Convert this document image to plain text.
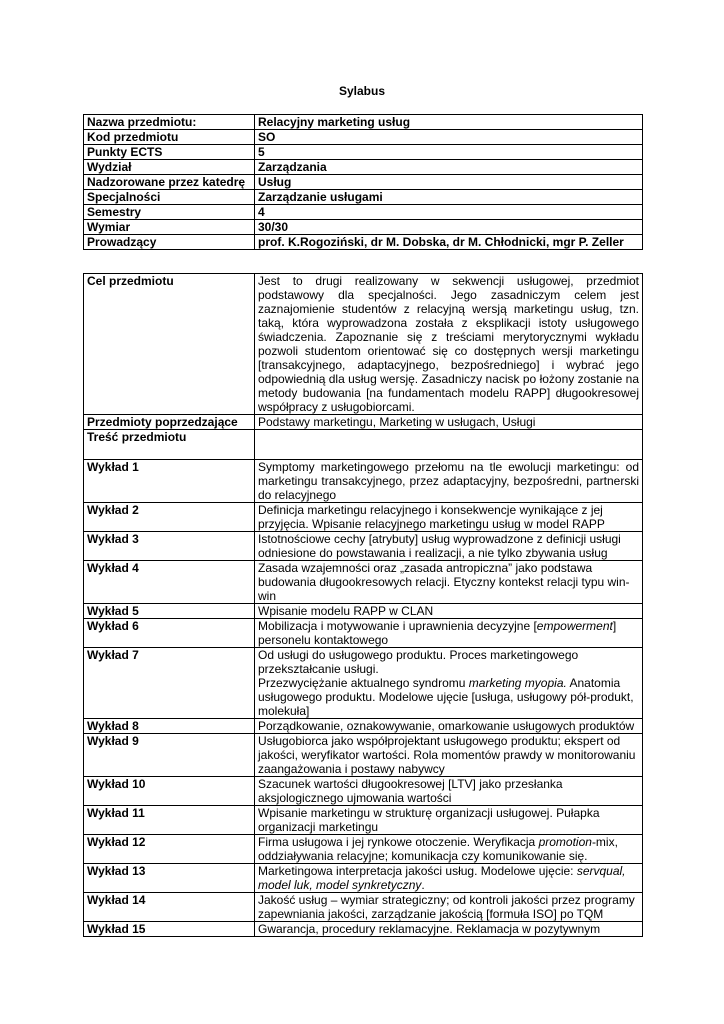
Sylabus
Nazwa przedmiotu:	Relacyjny marketing usług
Kod przedmiotu	SO
Punkty ECTS	5
Wydział	Zarządzania
Nadzorowane przez katedrę	Usług
Specjalności	Zarządzanie usługami
Semestry	4
Wymiar	30/30
Prowadzący	prof. K.Rogoziński, dr M. Dobska, dr M. Chłodnicki, mgr P. Zeller
Cel przedmiotu	Jest to drugi realizowany w sekwencji usługowej, przedmiot podstawowy dla specjalności. Jego zasadniczym celem jest zaznajomienie studentów z relacyjną wersją marketingu usług, tzn. taką, która wyprowadzona została z eksplikacji istoty usługowego świadczenia. Zapoznanie się z treściami merytorycznymi wykładu pozwoli studentom orientować się co dostępnych wersji marketingu [transakcyjnego, adaptacyjnego, bezpośredniego] i wybrać jego odpowiednią dla usług wersję. Zasadniczy nacisk po łożony zostanie na metody budowania [na fundamentach modelu RAPP] długookresowej współpracy z usługobiorcami.
Przedmioty poprzedzające	Podstawy marketingu, Marketing w usługach, Usługi
Treść przedmiotu	
Wykład 1	Symptomy marketingowego przełomu na tle ewolucji marketingu: od marketingu transakcyjnego, przez adaptacyjny, bezpośredni, partnerski do relacyjnego
Wykład 2	Definicja marketingu relacyjnego i konsekwencje wynikające z jej przyjęcia. Wpisanie relacyjnego marketingu usług w model RAPP
Wykład 3	Istotnościowe cechy [atrybuty] usług wyprowadzone z definicji usługi odniesione do powstawania i realizacji, a nie tylko zbywania usług
Wykład 4	Zasada wzajemności oraz „zasada antropiczna” jako podstawa budowania długookresowych relacji. Etyczny kontekst relacji typu win-win
Wykład 5	Wpisanie modelu RAPP w CLAN
Wykład 6	Mobilizacja i motywowanie i uprawnienia decyzyjne [empowerment] personelu kontaktowego
Wykład 7	Od usługi do usługowego produktu. Proces marketingowego przekształcanie usługi.
Przezwyciężanie aktualnego syndromu marketing myopia. Anatomia usługowego produktu. Modelowe ujęcie [usługa, usługowy pół-produkt, molekuła]

Wykład 8	Porządkowanie, oznakowywanie, omarkowanie usługowych produktów
Wykład 9	Usługobiorca jako współprojektant usługowego produktu; ekspert od jakości, weryfikator wartości. Rola momentów prawdy w monitorowaniu zaangażowania i postawy nabywcy
Wykład 10	Szacunek wartości długookresowej [LTV] jako przesłanka aksjologicznego ujmowania wartości
Wykład 11	Wpisanie marketingu w strukturę organizacji usługowej. Pułapka organizacji marketingu
Wykład 12	Firma usługowa i jej rynkowe otoczenie. Weryfikacja promotion-mix, oddziaływania relacyjne; komunikacja czy komunikowanie się.
Wykład 13	Marketingowa interpretacja jakości usług. Modelowe ujęcie: servqual, model luk, model synkretyczny.
Wykład 14	Jakość usług – wymiar strategiczny; od kontroli jakości przez programy zapewniania jakości, zarządzanie jakością [formuła ISO] po TQM
Wykład 15	Gwarancja, procedury reklamacyjne. Reklamacja w pozytywnym
